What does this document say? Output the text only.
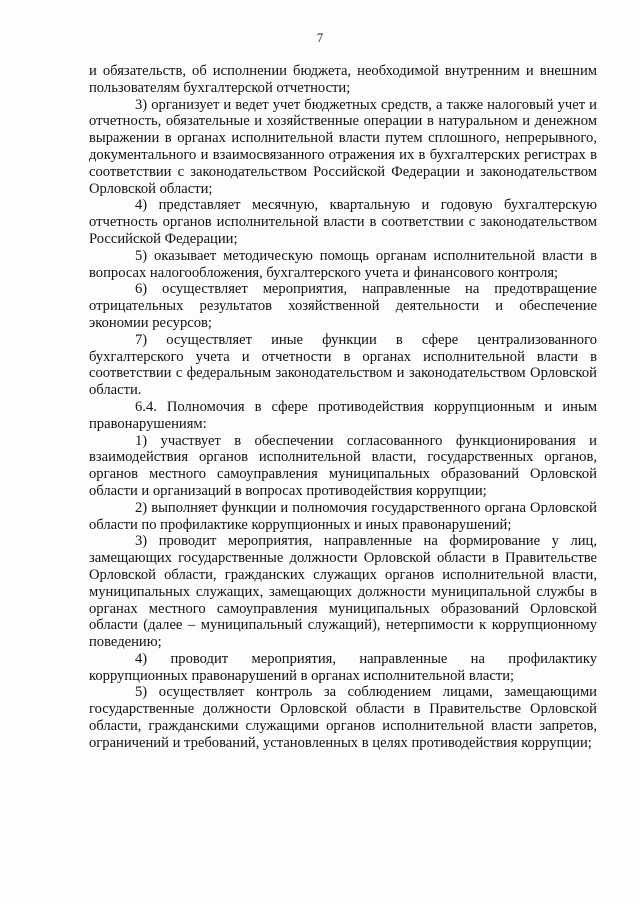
7

и обязательств, об исполнении бюджета, необходимой внутренним и внешним пользователям бухгалтерской отчетности;

3) организует и ведет учет бюджетных средств, а также налоговый учет и отчетность, обязательные и хозяйственные операции в натуральном и денежном выражении в органах исполнительной власти путем сплошного, непрерывного, документального и взаимосвязанного отражения их в бухгалтерских регистрах в соответствии с законодательством Российской Федерации и законодательством Орловской области;

4) представляет месячную, квартальную и годовую бухгалтерскую отчетность органов исполнительной власти в соответствии с законодательством Российской Федерации;

5) оказывает методическую помощь органам исполнительной власти в вопросах налогообложения, бухгалтерского учета и финансового контроля;

6) осуществляет мероприятия, направленные на предотвращение отрицательных результатов хозяйственной деятельности и обеспечение экономии ресурсов;

7) осуществляет иные функции в сфере централизованного бухгалтерского учета и отчетности в органах исполнительной власти в соответствии с федеральным законодательством и законодательством Орловской области.

6.4. Полномочия в сфере противодействия коррупционным и иным правонарушениям:

1) участвует в обеспечении согласованного функционирования и взаимодействия органов исполнительной власти, государственных органов, органов местного самоуправления муниципальных образований Орловской области и организаций в вопросах противодействия коррупции;

2) выполняет функции и полномочия государственного органа Орловской области по профилактике коррупционных и иных правонарушений;

3) проводит мероприятия, направленные на формирование у лиц, замещающих государственные должности Орловской области в Правительстве Орловской области, гражданских служащих органов исполнительной власти, муниципальных служащих, замещающих должности муниципальной службы в органах местного самоуправления муниципальных образований Орловской области (далее – муниципальный служащий), нетерпимости к коррупционному поведению;

4) проводит мероприятия, направленные на профилактику коррупционных правонарушений в органах исполнительной власти;

5) осуществляет контроль за соблюдением лицами, замещающими государственные должности Орловской области в Правительстве Орловской области, гражданскими служащими органов исполнительной власти запретов, ограничений и требований, установленных в целях противодействия коррупции;
